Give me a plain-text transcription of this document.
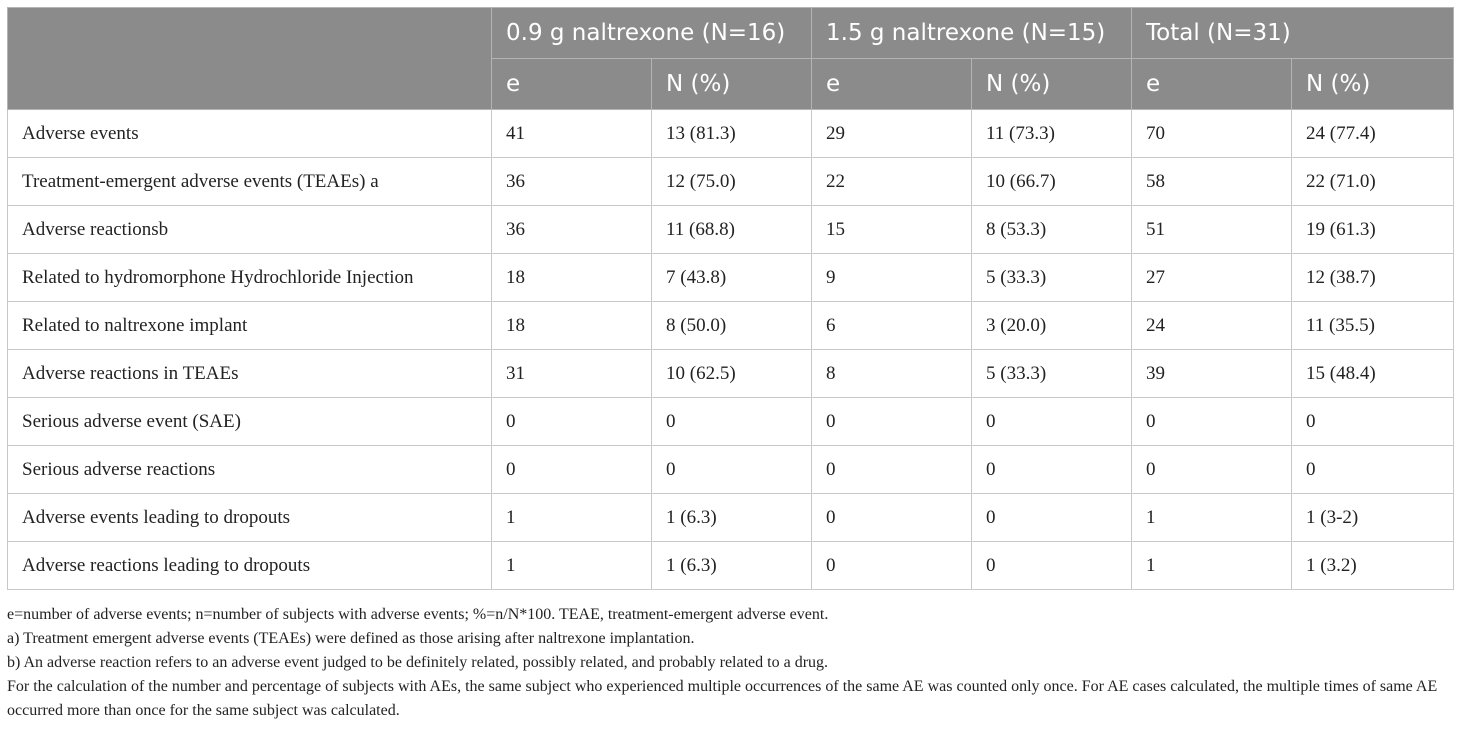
	0.9 g naltrexone (N=16)		1.5 g naltrexone (N=15)		Total (N=31)	
	e	N (%)	e	N (%)	e	N (%)
Adverse events	41	13 (81.3)	29	11 (73.3)	70	24 (77.4)
Treatment-emergent adverse events (TEAEs) a	36	12 (75.0)	22	10 (66.7)	58	22 (71.0)
Adverse reactionsb	36	11 (68.8)	15	8 (53.3)	51	19 (61.3)
Related to hydromorphone Hydrochloride Injection	18	7 (43.8)	9	5 (33.3)	27	12 (38.7)
Related to naltrexone implant	18	8 (50.0)	6	3 (20.0)	24	11 (35.5)
Adverse reactions in TEAEs	31	10 (62.5)	8	5 (33.3)	39	15 (48.4)
Serious adverse event (SAE)	0	0	0	0	0	0
Serious adverse reactions	0	0	0	0	0	0
Adverse events leading to dropouts	1	1 (6.3)	0	0	1	1 (3-2)
Adverse reactions leading to dropouts	1	1 (6.3)	0	0	1	1 (3.2)

e=number of adverse events; n=number of subjects with adverse events; %=n/N*100. TEAE, treatment-emergent adverse event.

a) Treatment emergent adverse events (TEAEs) were defined as those arising after naltrexone implantation.

b) An adverse reaction refers to an adverse event judged to be definitely related, possibly related, and probably related to a drug.

For the calculation of the number and percentage of subjects with AEs, the same subject who experienced multiple occurrences of the same AE was counted only once. For AE cases calculated, the multiple times of same AE occurred more than once for the same subject was calculated.
